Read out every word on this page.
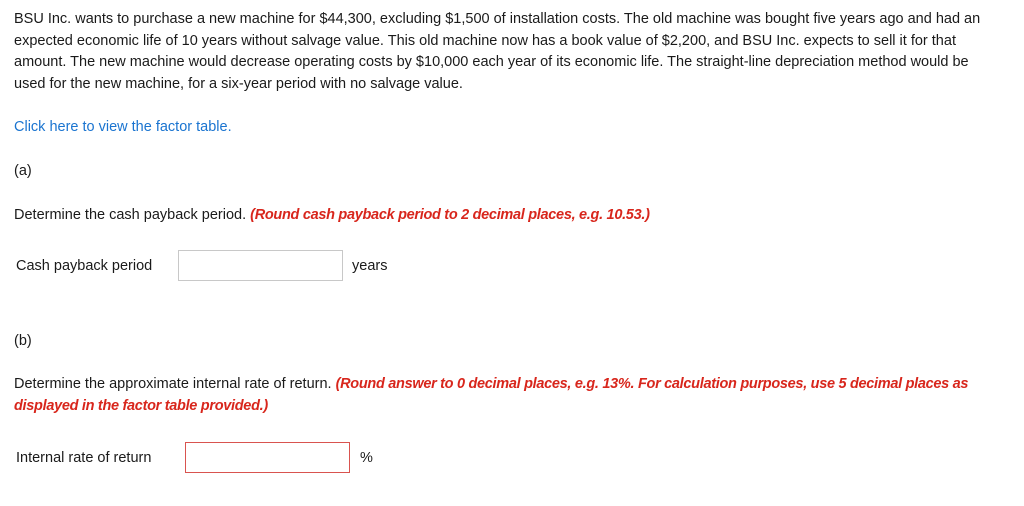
BSU Inc. wants to purchase a new machine for $44,300, excluding $1,500 of installation costs. The old machine was bought five years ago and had an expected economic life of 10 years without salvage value. This old machine now has a book value of $2,200, and BSU Inc. expects to sell it for that amount. The new machine would decrease operating costs by $10,000 each year of its economic life. The straight-line depreciation method would be used for the new machine, for a six-year period with no salvage value.

Click here to view the factor table.
(a)
Determine the cash payback period. (Round cash payback period to 2 decimal places, e.g. 10.53.)
Cash payback period	years
(b)
Determine the approximate internal rate of return. (Round answer to 0 decimal places, e.g. 13%. For calculation purposes, use 5 decimal places as displayed in the factor table provided.)
Internal rate of return	%
